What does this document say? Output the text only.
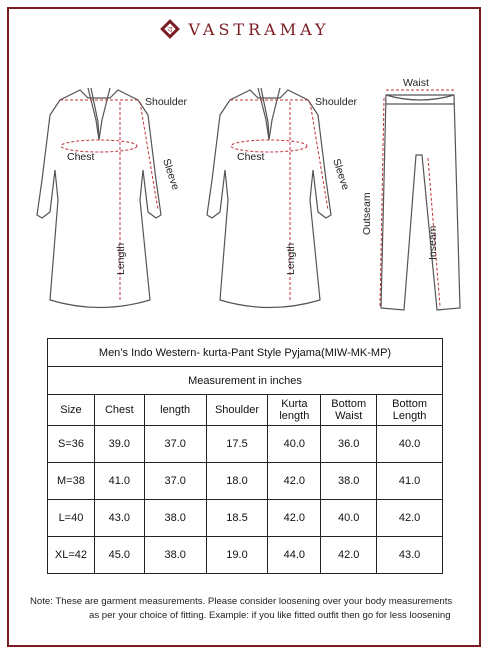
ব VASTRAMAY
Shoulder
Chest
Sleeve
Length
Shoulder
Chest
Sleeve
Length
Waist
Outseam
Inseam
Men’s Indo Western- kurta-Pant Style Pyjama(MIW-MK-MP)						
Measurement in inches						
Size	Chest	length	Shoulder	Kurta length	Bottom Waist	Bottom Length
S=36	39.0	37.0	17.5	40.0	36.0	40.0
M=38	41.0	37.0	18.0	42.0	38.0	41.0
L=40	43.0	38.0	18.5	42.0	40.0	42.0
XL=42	45.0	38.0	19.0	44.0	42.0	43.0
Note: These are garment measurements. Please consider loosening over your body measurements
as per your choice of fitting. Example: if you like fitted outfit then go for less loosening
